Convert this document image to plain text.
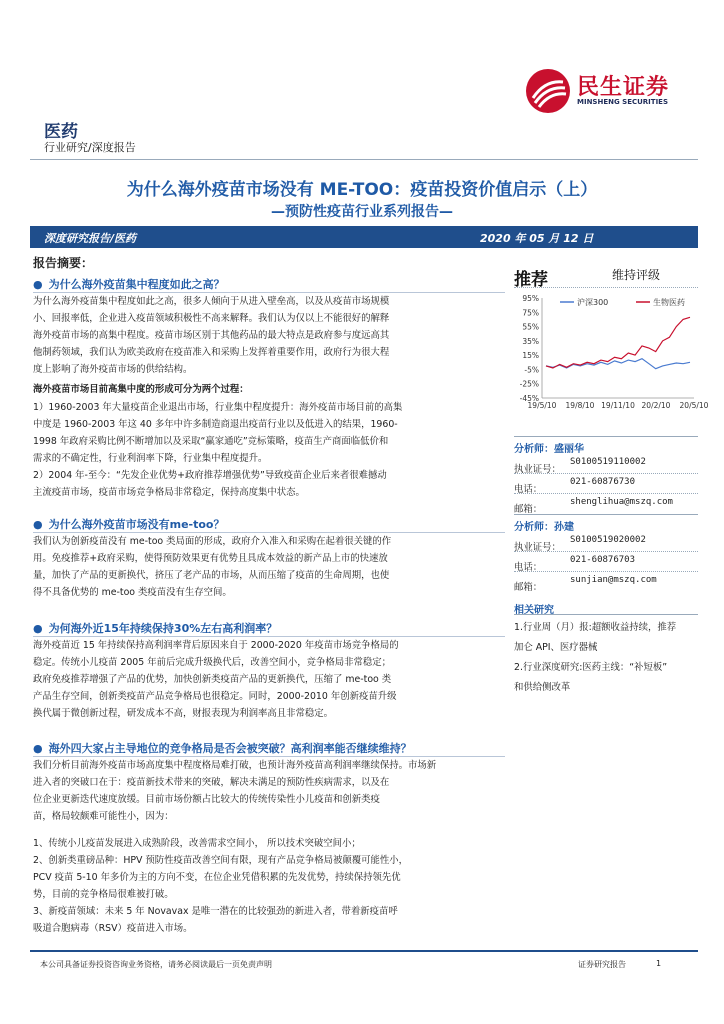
民生证券
MINSHENG SECURITIES
医药
行业研究/深度报告
为什么海外疫苗市场没有 ME-TOO：疫苗投资价值启示（上）
—预防性疫苗行业系列报告—
深度研究报告/医药	2020 年 05 月 12 日
报告摘要：
● 为什么海外疫苗集中程度如此之高？
为什么海外疫苗集中程度如此之高，很多人倾向于从进入壁垒高，以及从疫苗市场规模
小、回报率低，企业进入疫苗领域积极性不高来解释。我们认为仅以上不能很好的解释
海外疫苗市场的高集中程度。疫苗市场区别于其他药品的最大特点是政府参与度远高其
他制药领域，我们认为欧美政府在疫苗准入和采购上发挥着重要作用，政府行为很大程
度上影响了海外疫苗市场的供给结构。
海外疫苗市场目前高集中度的形成可分为两个过程：
1）1960-2003 年大量疫苗企业退出市场，行业集中程度提升：海外疫苗市场目前的高集
中度是 1960-2003 年这 40 多年中许多制造商退出疫苗行业以及低进入的结果，1960-
1998 年政府采购比例不断增加以及采取“赢家通吃”竞标策略，疫苗生产商面临低价和
需求的不确定性，行业利润率下降，行业集中程度提升。
2）2004 年-至今：“先发企业优势+政府推荐增强优势”导致疫苗企业后来者很难撼动
主流疫苗市场，疫苗市场竞争格局非常稳定，保持高度集中状态。
● 为什么海外疫苗市场没有me-too？
我们认为创新疫苗没有 me-too 类局面的形成，政府介入准入和采购在起着很关键的作
用。免疫推荐+政府采购，使得预防效果更有优势且具成本效益的新产品上市的快速放
量，加快了产品的更新换代，挤压了老产品的市场，从而压缩了疫苗的生命周期，也使
得不具备优势的 me-too 类疫苗没有生存空间。
● 为何海外近15年持续保持30%左右高利润率？
海外疫苗近 15 年持续保持高利润率背后原因来自于 2000-2020 年疫苗市场竞争格局的
稳定。传统小儿疫苗 2005 年前后完成升级换代后，改善空间小，竞争格局非常稳定；
政府免疫推荐增强了产品的优势，加快创新类疫苗产品的更新换代，压缩了 me-too 类
产品生存空间，创新类疫苗产品竞争格局也很稳定。同时，2000-2010 年创新疫苗升级
换代属于微创新过程，研发成本不高，财报表现为利润率高且非常稳定。
● 海外四大家占主导地位的竞争格局是否会被突破？高利润率能否继续维持？
我们分析目前海外疫苗市场高度集中程度格局难打破，也预计海外疫苗高利润率继续保持。市场新
进入者的突破口在于：疫苗新技术带来的突破，解决未满足的预防性疾病需求，以及在
位企业更新迭代速度放缓。目前市场份额占比较大的传统传染性小儿疫苗和创新类疫
苗，格局较颇难可能性小，因为：
1、传统小儿疫苗发展进入成熟阶段，改善需求空间小， 所以技术突破空间小；
2、创新类重磅品种：HPV 预防性疫苗改善空间有限，现有产品竞争格局被颠覆可能性小，
PCV 疫苗 5-10 年多价为主的方向不变，在位企业凭借积累的先发优势，持续保持领先优
势，目前的竞争格局很难被打破。
3、新疫苗领域：未来 5 年 Novavax 是唯一潜在的比较强劲的新进入者，带着新疫苗呼
吸道合胞病毒（RSV）疫苗进入市场。
推荐	维持评级
95%
75%
55%
35%
15%
-5%
-25%
-45%
19/5/10 19/8/10 19/11/10 20/2/10 20/5/10
沪深300	生物医药
分析师：盛丽华
执业证号：
S0100519110002
电话：
021-60876730
邮箱：
shenglihua@mszq.com
分析师：孙建
执业证号：
S0100519020002
电话：
021-60876703
邮箱：
sunjian@mszq.com
相关研究
1.行业周（月）报:超额收益持续，推荐
加仑 API、医疗器械
2.行业深度研究:医药主线：“补短板”
和供给侧改革
本公司具备证券投资咨询业务资格，请务必阅读最后一页免责声明	证券研究报告	1
